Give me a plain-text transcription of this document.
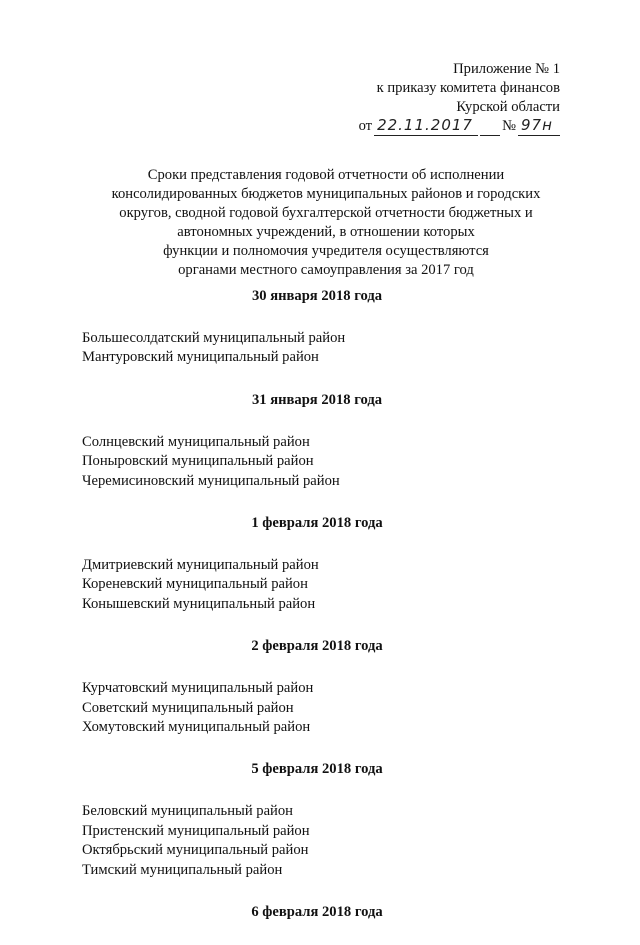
Приложение № 1
к приказу комитета финансов
Курской области
от 22.11.2017	№ 97н
Сроки представления годовой отчетности об исполнении
консолидированных бюджетов муниципальных районов и городских
округов, сводной годовой бухгалтерской отчетности бюджетных и
автономных учреждений, в отношении которых
функции и полномочия учредителя осуществляются
органами местного самоуправления за 2017 год
30 января 2018 года
Большесолдатский муниципальный район
Мантуровский муниципальный район
31 января 2018 года
Солнцевский муниципальный район
Поныровский муниципальный район
Черемисиновский муниципальный район
1 февраля 2018 года
Дмитриевский муниципальный район
Кореневский муниципальный район
Конышевский муниципальный район
2 февраля 2018 года
Курчатовский муниципальный район
Советский муниципальный район
Хомутовский муниципальный район
5 февраля 2018 года
Беловский муниципальный район
Пристенский муниципальный район
Октябрьский муниципальный район
Тимский муниципальный район
6 февраля 2018 года
